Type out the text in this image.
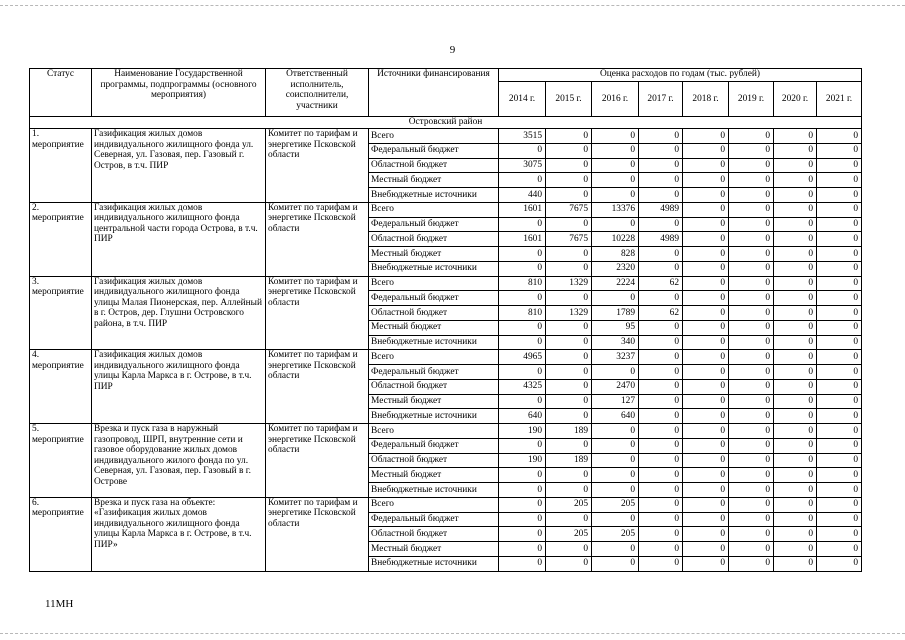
9
Статус	Наименование Государственной программы, подпрограммы (основного мероприятия)	Ответственный исполнитель, соисполнители, участники	Источники финансирования	Оценка расходов по годам (тыс. рублей)							
				2014 г.	2015 г.	2016 г.	2017 г.	2018 г.	2019 г.	2020 г.	2021 г.
Островский район											
1.
мероприятие	Газификация жилых домов индивидуального жилищного фонда ул. Северная, ул. Газовая, пер. Газовый г. Остров, в т.ч. ПИР	Комитет по тарифам и энергетике Псковской области	Всего	3515	0	0	0	0	0	0	0
			Федеральный бюджет	0	0	0	0	0	0	0	0
			Областной бюджет	3075	0	0	0	0	0	0	0
			Местный бюджет	0	0	0	0	0	0	0	0
			Внебюджетные источники	440	0	0	0	0	0	0	0
2.
мероприятие	Газификация жилых домов индивидуального жилищного фонда центральной части города Острова, в т.ч. ПИР	Комитет по тарифам и энергетике Псковской области	Всего	1601	7675	13376	4989	0	0	0	0
			Федеральный бюджет	0	0	0	0	0	0	0	0
			Областной бюджет	1601	7675	10228	4989	0	0	0	0
			Местный бюджет	0	0	828	0	0	0	0	0
			Внебюджетные источники	0	0	2320	0	0	0	0	0
3.
мероприятие	Газификация жилых домов индивидуального жилищного фонда улицы Малая Пионерская, пер. Аллейный в г. Остров, дер. Глушни Островского района, в т.ч. ПИР	Комитет по тарифам и энергетике Псковской области	Всего	810	1329	2224	62	0	0	0	0
			Федеральный бюджет	0	0	0	0	0	0	0	0
			Областной бюджет	810	1329	1789	62	0	0	0	0
			Местный бюджет	0	0	95	0	0	0	0	0
			Внебюджетные источники	0	0	340	0	0	0	0	0
4.
мероприятие	Газификация жилых домов индивидуального жилищного фонда улицы Карла Маркса в г. Острове, в т.ч. ПИР	Комитет по тарифам и энергетике Псковской области	Всего	4965	0	3237	0	0	0	0	0
			Федеральный бюджет	0	0	0	0	0	0	0	0
			Областной бюджет	4325	0	2470	0	0	0	0	0
			Местный бюджет	0	0	127	0	0	0	0	0
			Внебюджетные источники	640	0	640	0	0	0	0	0
5.
мероприятие	Врезка и пуск газа в наружный газопровод, ШРП, внутренние сети и газовое оборудование жилых домов индивидуального жилого фонда по ул. Северная, ул. Газовая, пер. Газовый в г. Острове	Комитет по тарифам и энергетике Псковской области	Всего	190	189	0	0	0	0	0	0
			Федеральный бюджет	0	0	0	0	0	0	0	0
			Областной бюджет	190	189	0	0	0	0	0	0
			Местный бюджет	0	0	0	0	0	0	0	0
			Внебюджетные источники	0	0	0	0	0	0	0	0
6.
мероприятие	Врезка и пуск газа на объекте: «Газификация жилых домов индивидуального жилищного фонда улицы Карла Маркса в г. Острове, в т.ч. ПИР»	Комитет по тарифам и энергетике Псковской области	Всего	0	205	205	0	0	0	0	0
			Федеральный бюджет	0	0	0	0	0	0	0	0
			Областной бюджет	0	205	205	0	0	0	0	0
			Местный бюджет	0	0	0	0	0	0	0	0
			Внебюджетные источники	0	0	0	0	0	0	0	0
11МН
